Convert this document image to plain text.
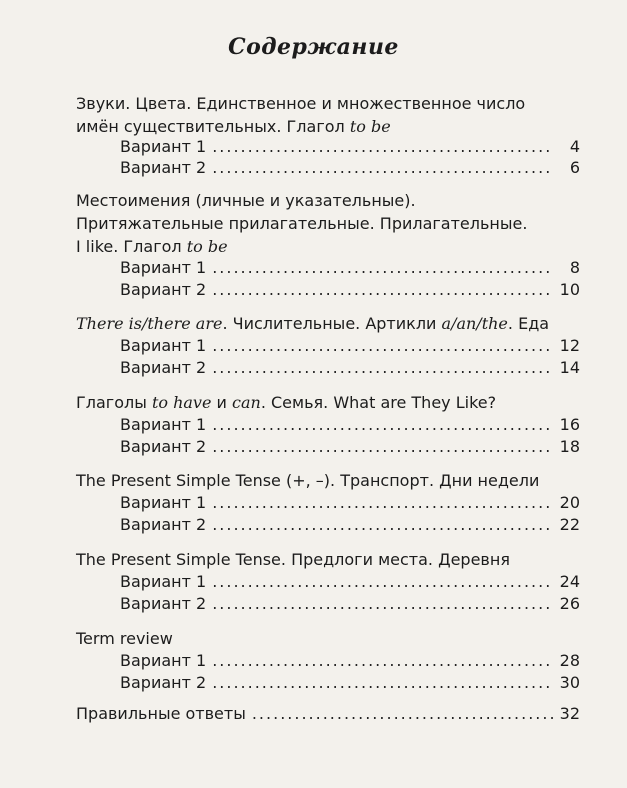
Содержание
Звуки. Цвета. Единственное и множественное число
имён существительных. Глагол to be
Вариант 1 .....	4
Вариант 2 .....	6
Местоимения (личные и указательные).
Притяжательные прилагательные. Прилагательные.
I like. Глагол to be
Вариант 1 .....	8
Вариант 2 .....	10
There is/there are. Числительные. Артикли a/an/the. Еда
Вариант 1 .....	12
Вариант 2 .....	14
Глаголы to have и can. Семья. What are They Like?
Вариант 1 .....	16
Вариант 2 .....	18
The Present Simple Tense (+, –). Транспорт. Дни недели
Вариант 1 .....	20
Вариант 2 .....	22
The Present Simple Tense. Предлоги места. Деревня
Вариант 1 .....	24
Вариант 2 .....	26
Term review
Вариант 1 .....	28
Вариант 2 .....	30
Правильные ответы .....	32
